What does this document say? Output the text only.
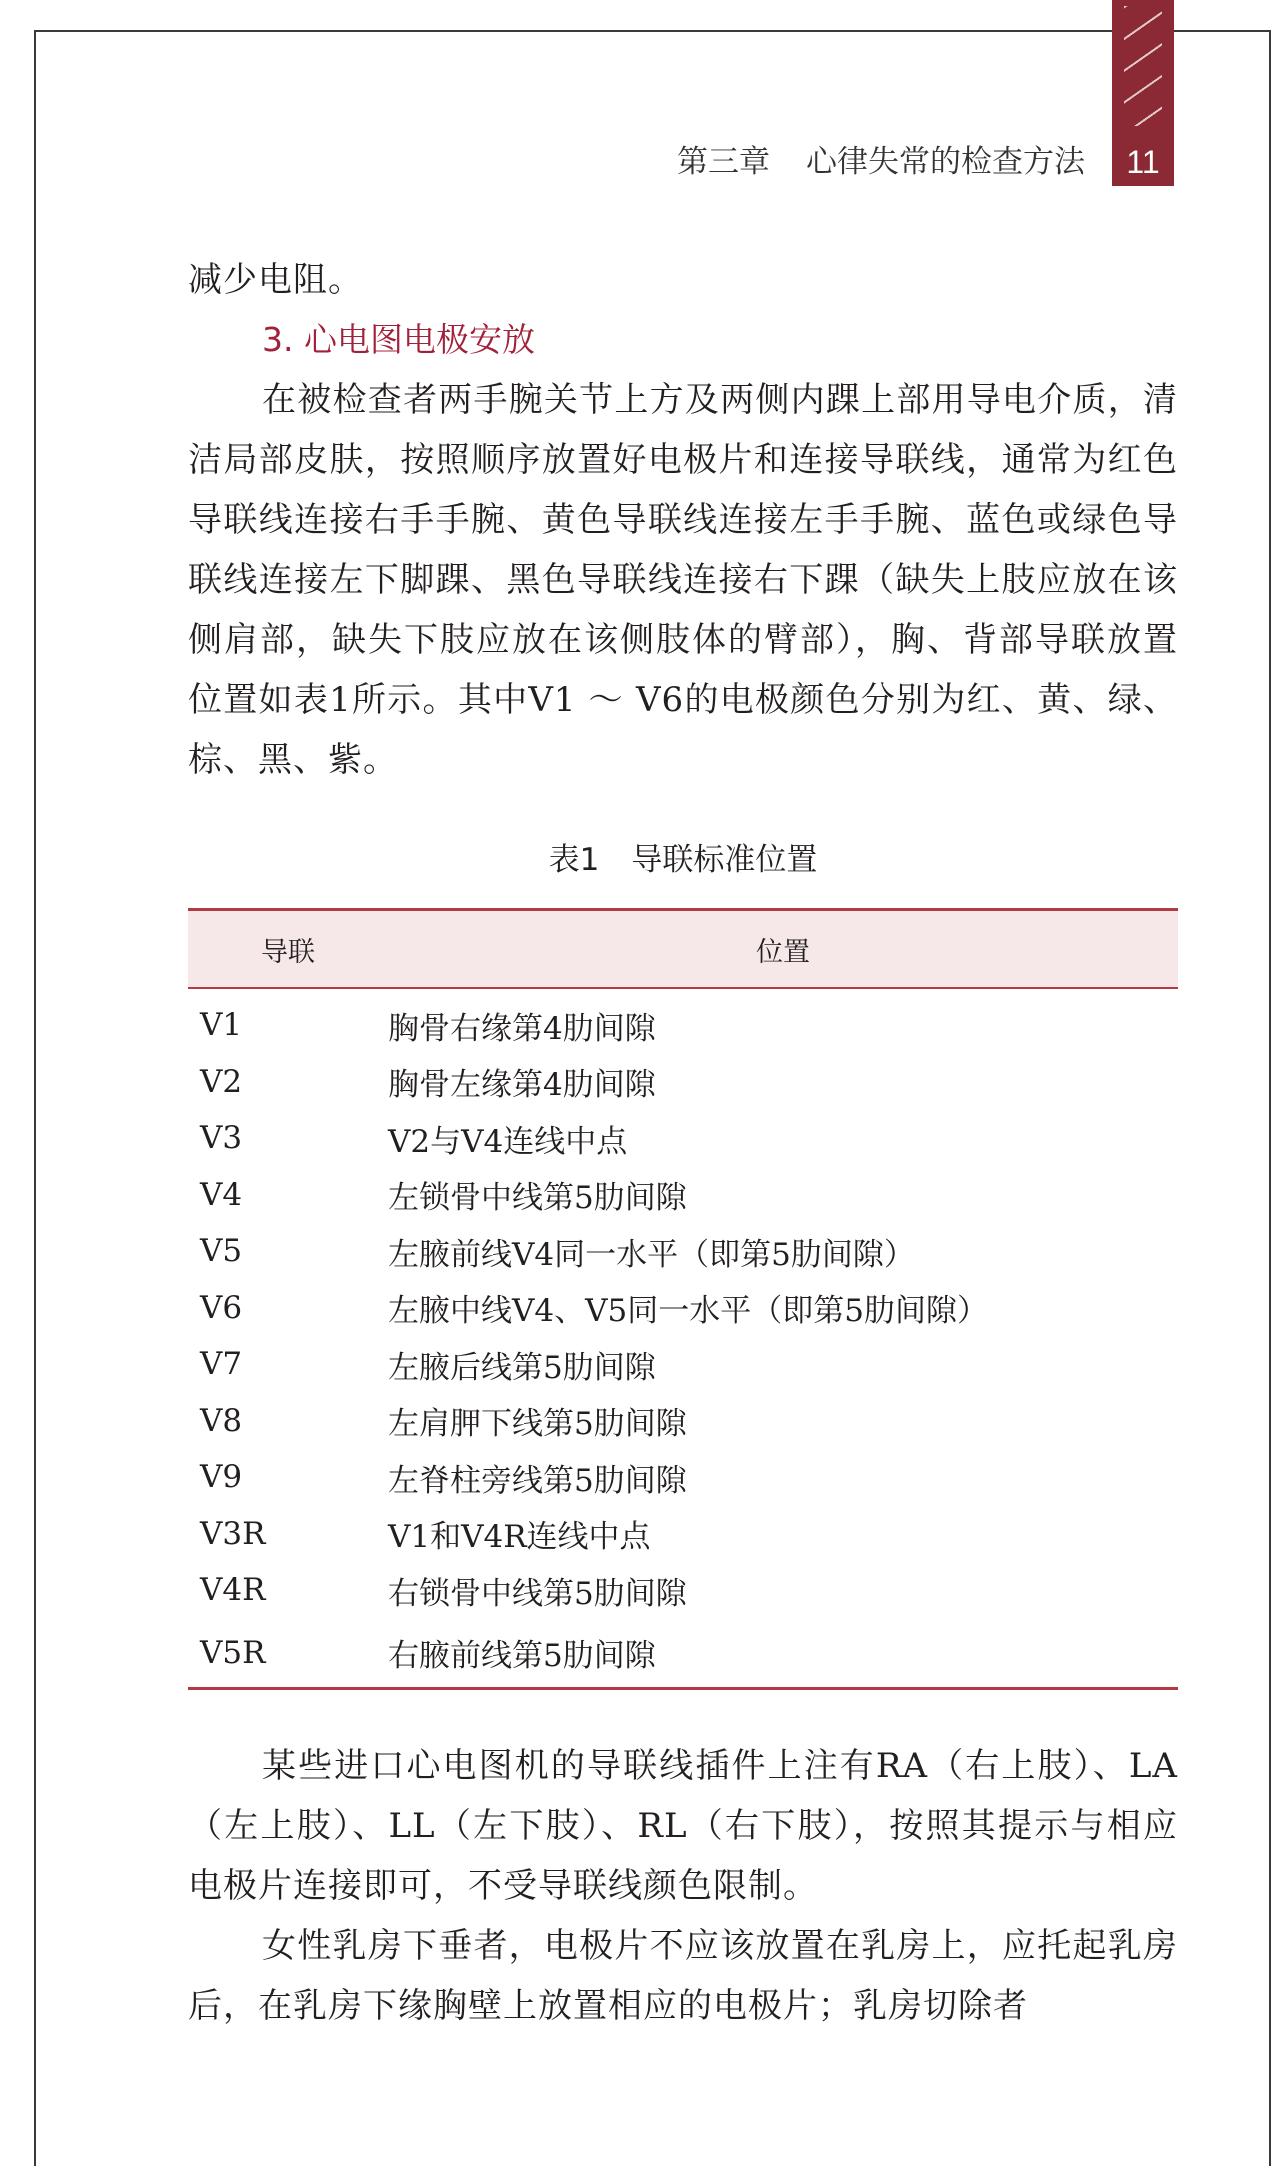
11
第三章 心律失常的检查方法

减少电阻。

3. 心电图电极安放

在被检查者两手腕关节上方及两侧内踝上部用导电介质，清洁局部皮肤，按照顺序放置好电极片和连接导联线，通常为红色导联线连接右手手腕、黄色导联线连接左手手腕、蓝色或绿色导联线连接左下脚踝、黑色导联线连接右下踝（缺失上肢应放在该侧肩部，缺失下肢应放在该侧肢体的臂部），胸、背部导联放置位置如表1所示。其中V1 ～ V6的电极颜色分别为红、黄、绿、棕、黑、紫。

表1 导联标准位置
导联	位置
V1	胸骨右缘第4肋间隙
V2	胸骨左缘第4肋间隙
V3	V2与V4连线中点
V4	左锁骨中线第5肋间隙
V5	左腋前线V4同一水平（即第5肋间隙）
V6	左腋中线V4、V5同一水平（即第5肋间隙）
V7	左腋后线第5肋间隙
V8	左肩胛下线第5肋间隙
V9	左脊柱旁线第5肋间隙
V3R	V1和V4R连线中点
V4R	右锁骨中线第5肋间隙
V5R	右腋前线第5肋间隙

某些进口心电图机的导联线插件上注有RA（右上肢）、LA（左上肢）、LL（左下肢）、RL（右下肢），按照其提示与相应电极片连接即可，不受导联线颜色限制。

女性乳房下垂者，电极片不应该放置在乳房上，应托起乳房后，在乳房下缘胸壁上放置相应的电极片；乳房切除者
